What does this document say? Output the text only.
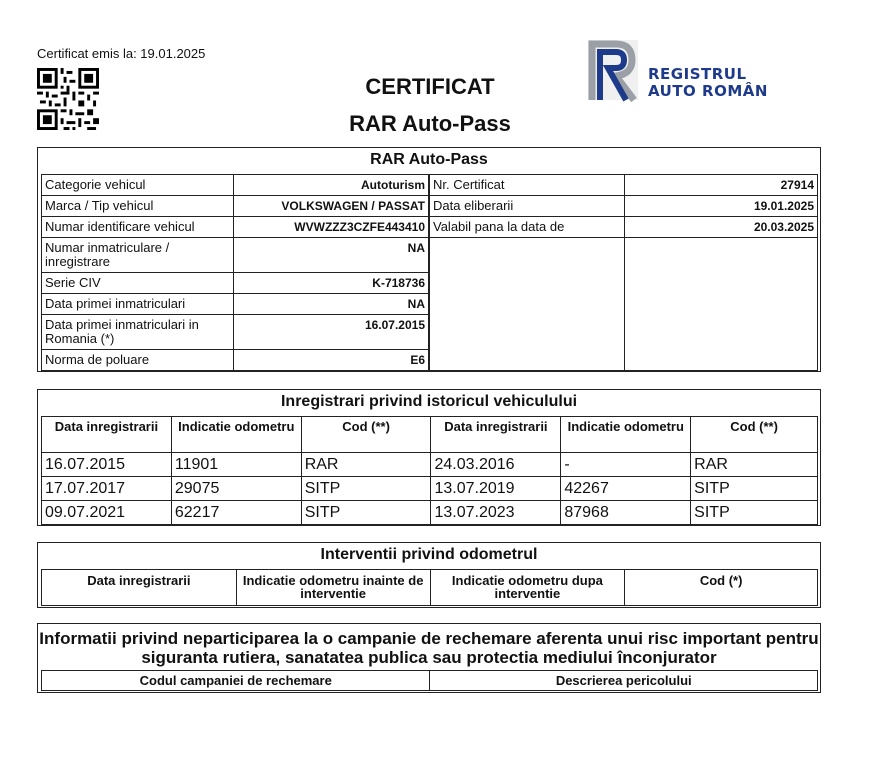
Certificat emis la: 19.01.2025
CERTIFICAT
RAR Auto-Pass
REGISTRUL
AUTO ROMÂN
RAR Auto-Pass
Categorie vehicul	Autoturism
Marca / Tip vehicul	VOLKSWAGEN / PASSAT
Numar identificare vehicul	WVWZZZ3CZFE443410
Numar inmatriculare / inregistrare	NA
Serie CIV	K-718736
Data primei inmatriculari	NA
Data primei inmatriculari in Romania (*)	16.07.2015
Norma de poluare	E6
Nr. Certificat	27914
Data eliberarii	19.01.2025
Valabil pana la data de	20.03.2025

Inregistrari privind istoricul vehiculului
Data inregistrarii	Indicatie odometru	Cod (**)	Data inregistrarii	Indicatie odometru	Cod (**)
16.07.2015	11901	RAR	24.03.2016	-	RAR
17.07.2017	29075	SITP	13.07.2019	42267	SITP
09.07.2021	62217	SITP	13.07.2023	87968	SITP
Interventii privind odometrul
Data inregistrarii	Indicatie odometru inainte de interventie	Indicatie odometru dupa interventie	Cod (*)
Informatii privind neparticiparea la o campanie de rechemare aferenta unui risc important pentru siguranta rutiera, sanatatea publica sau protectia mediului înconjurator
Codul campaniei de rechemare	Descrierea pericolului
